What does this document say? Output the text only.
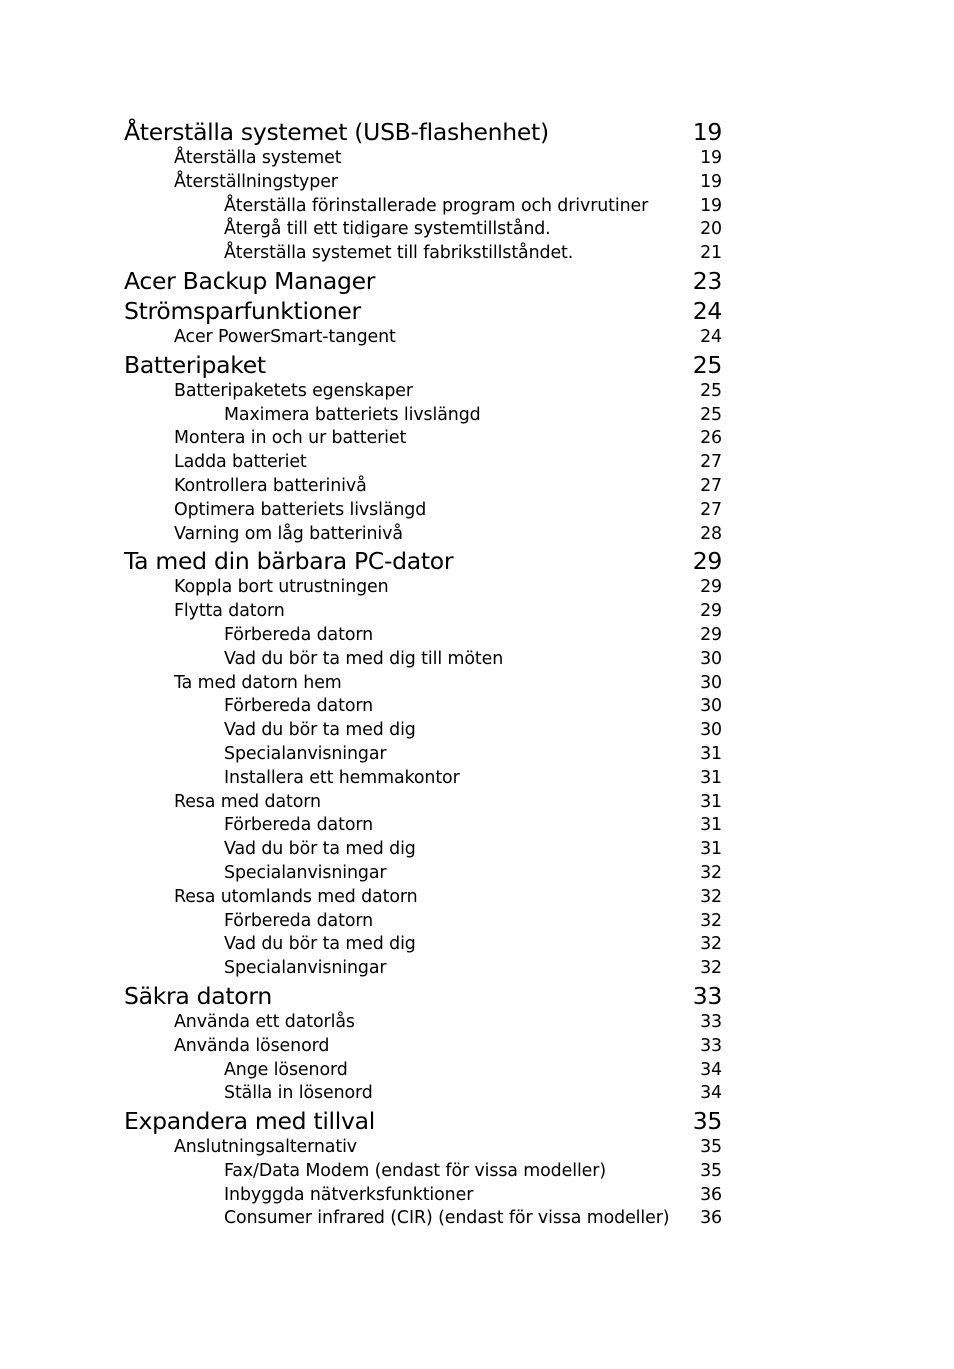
Återställa systemet (USB-flashenhet)	19
Återställa systemet	19
Återställningstyper	19
Återställa förinstallerade program och drivrutiner	19
Återgå till ett tidigare systemtillstånd.	20
Återställa systemet till fabrikstillståndet.	21
Acer Backup Manager	23
Strömsparfunktioner	24
Acer PowerSmart-tangent	24
Batteripaket	25
Batteripaketets egenskaper	25
Maximera batteriets livslängd	25
Montera in och ur batteriet	26
Ladda batteriet	27
Kontrollera batterinivå	27
Optimera batteriets livslängd	27
Varning om låg batterinivå	28
Ta med din bärbara PC-dator	29
Koppla bort utrustningen	29
Flytta datorn	29
Förbereda datorn	29
Vad du bör ta med dig till möten	30
Ta med datorn hem	30
Förbereda datorn	30
Vad du bör ta med dig	30
Specialanvisningar	31
Installera ett hemmakontor	31
Resa med datorn	31
Förbereda datorn	31
Vad du bör ta med dig	31
Specialanvisningar	32
Resa utomlands med datorn	32
Förbereda datorn	32
Vad du bör ta med dig	32
Specialanvisningar	32
Säkra datorn	33
Använda ett datorlås	33
Använda lösenord	33
Ange lösenord	34
Ställa in lösenord	34
Expandera med tillval	35
Anslutningsalternativ	35
Fax/Data Modem (endast för vissa modeller)	35
Inbyggda nätverksfunktioner	36
Consumer infrared (CIR) (endast för vissa modeller)	36
